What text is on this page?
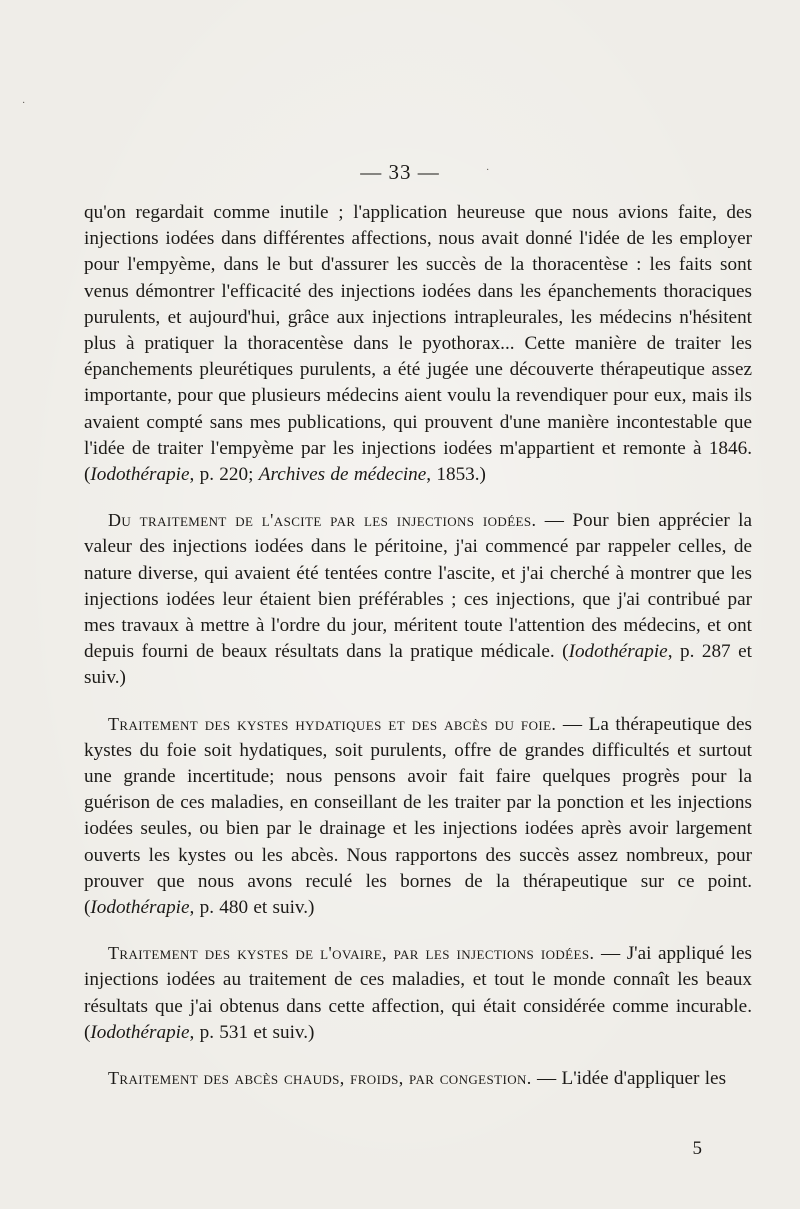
— 33 —

qu'on regardait comme inutile ; l'application heureuse que nous avions faite, des injections iodées dans différentes affections, nous avait donné l'idée de les employer pour l'empyème, dans le but d'assurer les succès de la thoracentèse : les faits sont venus démontrer l'efficacité des injections iodées dans les épanchements thoraciques purulents, et aujourd'hui, grâce aux injections intrapleurales, les médecins n'hésitent plus à pratiquer la thoracentèse dans le pyothorax... Cette manière de traiter les épanchements pleurétiques purulents, a été jugée une découverte thérapeutique assez importante, pour que plusieurs médecins aient voulu la revendiquer pour eux, mais ils avaient compté sans mes publications, qui prouvent d'une manière incontestable que l'idée de traiter l'empyème par les injections iodées m'appartient et remonte à 1846. (Iodothérapie, p. 220; Archives de médecine, 1853.)

Du traitement de l'ascite par les injections iodées. — Pour bien apprécier la valeur des injections iodées dans le péritoine, j'ai commencé par rappeler celles, de nature diverse, qui avaient été tentées contre l'ascite, et j'ai cherché à montrer que les injections iodées leur étaient bien préférables ; ces injections, que j'ai contribué par mes travaux à mettre à l'ordre du jour, méritent toute l'attention des médecins, et ont depuis fourni de beaux résultats dans la pratique médicale. (Iodothérapie, p. 287 et suiv.)

Traitement des kystes hydatiques et des abcès du foie. — La thérapeutique des kystes du foie soit hydatiques, soit purulents, offre de grandes difficultés et surtout une grande incertitude; nous pensons avoir fait faire quelques progrès pour la guérison de ces maladies, en conseillant de les traiter par la ponction et les injections iodées seules, ou bien par le drainage et les injections iodées après avoir largement ouverts les kystes ou les abcès. Nous rapportons des succès assez nombreux, pour prouver que nous avons reculé les bornes de la thérapeutique sur ce point. (Iodothérapie, p. 480 et suiv.)

Traitement des kystes de l'ovaire, par les injections iodées. — J'ai appliqué les injections iodées au traitement de ces maladies, et tout le monde connaît les beaux résultats que j'ai obtenus dans cette affection, qui était considérée comme incurable. (Iodothérapie, p. 531 et suiv.)

Traitement des abcès chauds, froids, par congestion. — L'idée d'appliquer les

5
·
·
